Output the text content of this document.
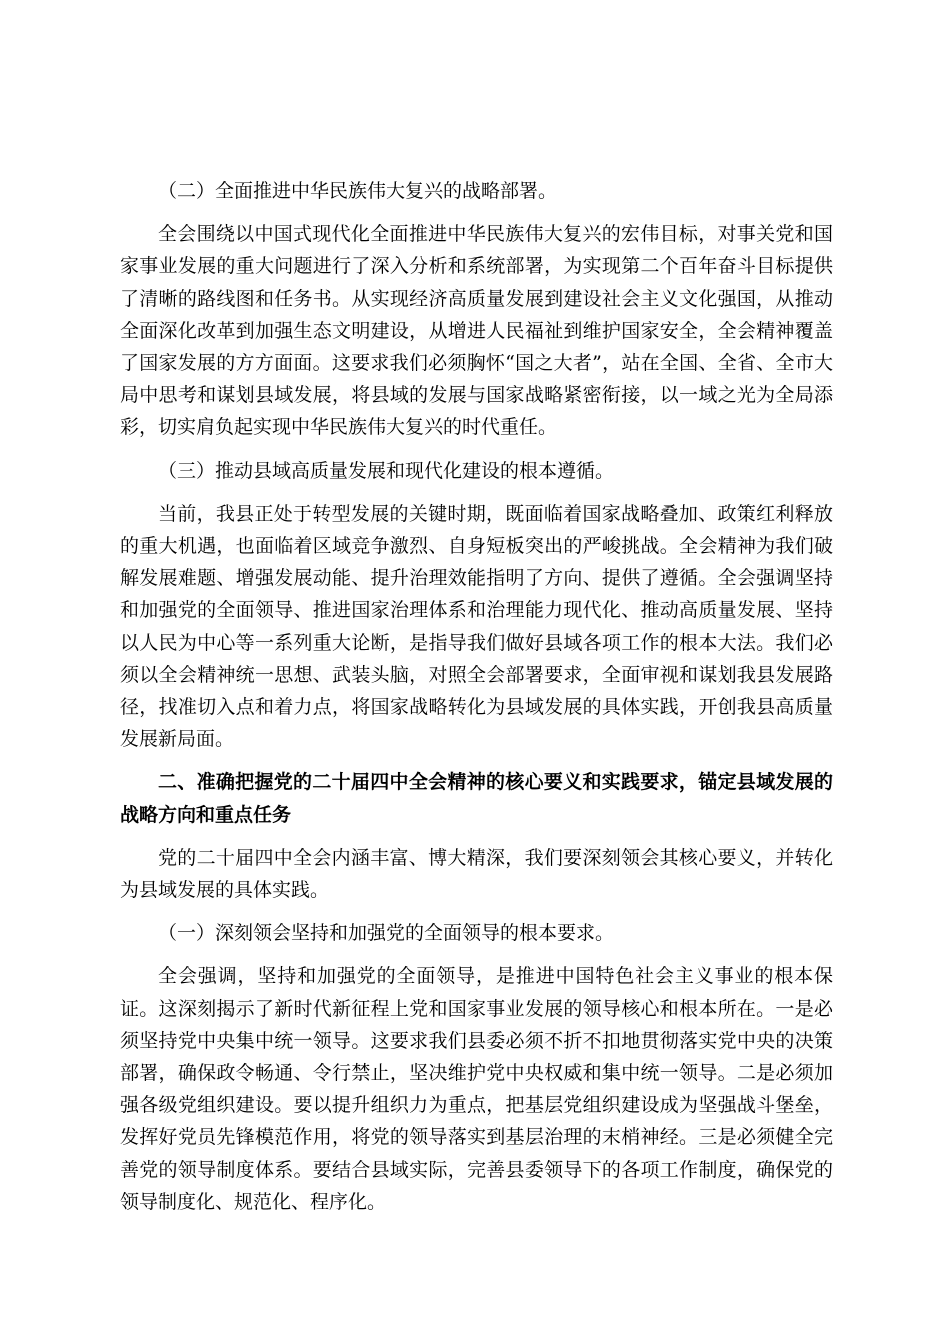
（二）全面推进中华民族伟大复兴的战略部署。

全会围绕以中国式现代化全面推进中华民族伟大复兴的宏伟目标，对事关党和国家事业发展的重大问题进行了深入分析和系统部署，为实现第二个百年奋斗目标提供了清晰的路线图和任务书。从实现经济高质量发展到建设社会主义文化强国，从推动全面深化改革到加强生态文明建设，从增进人民福祉到维护国家安全，全会精神覆盖了国家发展的方方面面。这要求我们必须胸怀“国之大者”，站在全国、全省、全市大局中思考和谋划县域发展，将县域的发展与国家战略紧密衔接，以一域之光为全局添彩，切实肩负起实现中华民族伟大复兴的时代重任。

（三）推动县域高质量发展和现代化建设的根本遵循。

当前，我县正处于转型发展的关键时期，既面临着国家战略叠加、政策红利释放的重大机遇，也面临着区域竞争激烈、自身短板突出的严峻挑战。全会精神为我们破解发展难题、增强发展动能、提升治理效能指明了方向、提供了遵循。全会强调坚持和加强党的全面领导、推进国家治理体系和治理能力现代化、推动高质量发展、坚持以人民为中心等一系列重大论断，是指导我们做好县域各项工作的根本大法。我们必须以全会精神统一思想、武装头脑，对照全会部署要求，全面审视和谋划我县发展路径，找准切入点和着力点，将国家战略转化为县域发展的具体实践，开创我县高质量发展新局面。

二、准确把握党的二十届四中全会精神的核心要义和实践要求，锚定县域发展的战略方向和重点任务

党的二十届四中全会内涵丰富、博大精深，我们要深刻领会其核心要义，并转化为县域发展的具体实践。

（一）深刻领会坚持和加强党的全面领导的根本要求。

全会强调，坚持和加强党的全面领导，是推进中国特色社会主义事业的根本保证。这深刻揭示了新时代新征程上党和国家事业发展的领导核心和根本所在。一是必须坚持党中央集中统一领导。这要求我们县委必须不折不扣地贯彻落实党中央的决策部署，确保政令畅通、令行禁止，坚决维护党中央权威和集中统一领导。二是必须加强各级党组织建设。要以提升组织力为重点，把基层党组织建设成为坚强战斗堡垒，发挥好党员先锋模范作用，将党的领导落实到基层治理的末梢神经。三是必须健全完善党的领导制度体系。要结合县域实际，完善县委领导下的各项工作制度，确保党的领导制度化、规范化、程序化。
